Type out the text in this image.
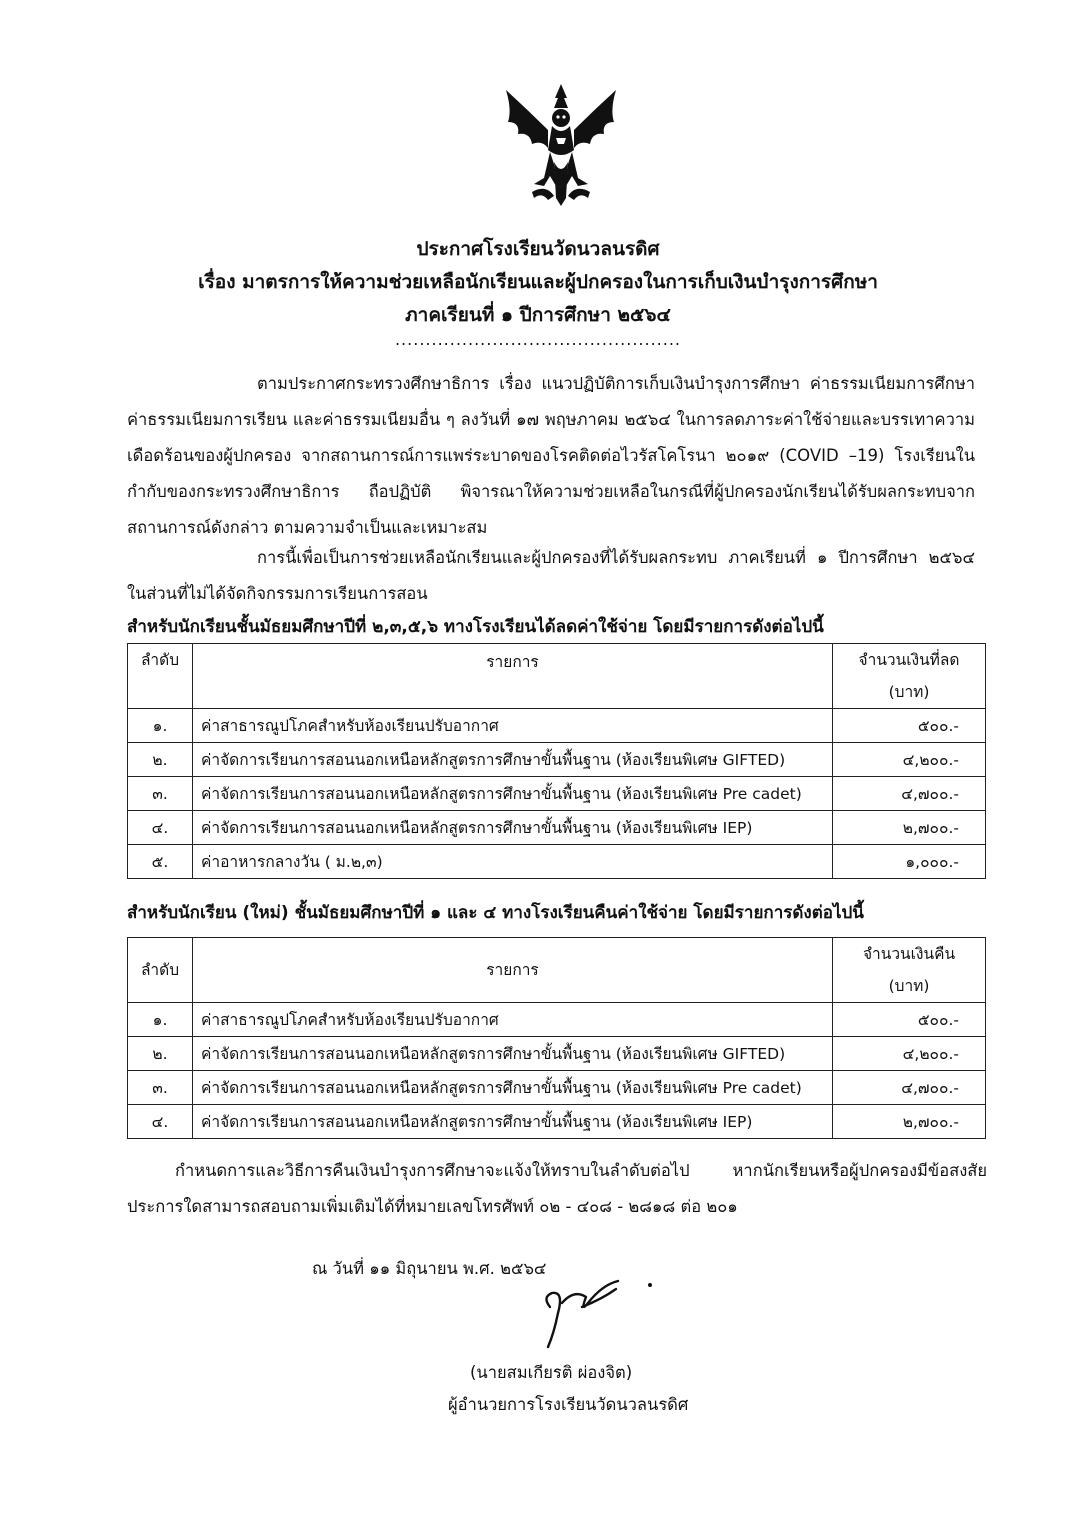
ประกาศโรงเรียนวัดนวลนรดิศ
เรื่อง มาตรการให้ความช่วยเหลือนักเรียนและผู้ปกครองในการเก็บเงินบำรุงการศึกษา
ภาคเรียนที่ ๑ ปีการศึกษา ๒๕๖๔
...............................................
ตามประกาศกระทรวงศึกษาธิการ เรื่อง แนวปฏิบัติการเก็บเงินบำรุงการศึกษา ค่าธรรมเนียมการศึกษา ค่าธรรมเนียมการเรียน และค่าธรรมเนียมอื่น ๆ ลงวันที่ ๑๗ พฤษภาคม ๒๕๖๔ ในการลดภาระค่าใช้จ่ายและบรรเทาความเดือดร้อนของผู้ปกครอง จากสถานการณ์การแพร่ระบาดของโรคติดต่อไวรัสโคโรนา ๒๐๑๙ (COVID –19) โรงเรียนในกำกับของกระทรวงศึกษาธิการ ถือปฏิบัติ พิจารณาให้ความช่วยเหลือในกรณีที่ผู้ปกครองนักเรียนได้รับผลกระทบจากสถานการณ์ดังกล่าว ตามความจำเป็นและเหมาะสม
การนี้เพื่อเป็นการช่วยเหลือนักเรียนและผู้ปกครองที่ได้รับผลกระทบ ภาคเรียนที่ ๑ ปีการศึกษา ๒๕๖๔ ในส่วนที่ไม่ได้จัดกิจกรรมการเรียนการสอน
สำหรับนักเรียนชั้นมัธยมศึกษาปีที่ ๒,๓,๕,๖ ทางโรงเรียนได้ลดค่าใช้จ่าย โดยมีรายการดังต่อไปนี้
ลำดับ	รายการ	จำนวนเงินที่ลด
(บาท)

๑.	ค่าสาธารณูปโภคสำหรับห้องเรียนปรับอากาศ	๕๐๐.-
๒.	ค่าจัดการเรียนการสอนนอกเหนือหลักสูตรการศึกษาขั้นพื้นฐาน (ห้องเรียนพิเศษ GIFTED)	๔,๒๐๐.-
๓.	ค่าจัดการเรียนการสอนนอกเหนือหลักสูตรการศึกษาขั้นพื้นฐาน (ห้องเรียนพิเศษ Pre cadet)	๔,๗๐๐.-
๔.	ค่าจัดการเรียนการสอนนอกเหนือหลักสูตรการศึกษาขั้นพื้นฐาน (ห้องเรียนพิเศษ IEP)	๒,๗๐๐.-
๕.	ค่าอาหารกลางวัน ( ม.๒,๓)	๑,๐๐๐.-
สำหรับนักเรียน (ใหม่) ชั้นมัธยมศึกษาปีที่ ๑ และ ๔ ทางโรงเรียนคืนค่าใช้จ่าย โดยมีรายการดังต่อไปนี้
ลำดับ	รายการ	จำนวนเงินคืน
(บาท)

๑.	ค่าสาธารณูปโภคสำหรับห้องเรียนปรับอากาศ	๕๐๐.-
๒.	ค่าจัดการเรียนการสอนนอกเหนือหลักสูตรการศึกษาขั้นพื้นฐาน (ห้องเรียนพิเศษ GIFTED)	๔,๒๐๐.-
๓.	ค่าจัดการเรียนการสอนนอกเหนือหลักสูตรการศึกษาขั้นพื้นฐาน (ห้องเรียนพิเศษ Pre cadet)	๔,๗๐๐.-
๔.	ค่าจัดการเรียนการสอนนอกเหนือหลักสูตรการศึกษาขั้นพื้นฐาน (ห้องเรียนพิเศษ IEP)	๒,๗๐๐.-
กำหนดการและวิธีการคืนเงินบำรุงการศึกษาจะแจ้งให้ทราบในลำดับต่อไป หากนักเรียนหรือผู้ปกครองมีข้อสงสัยประการใดสามารถสอบถามเพิ่มเติมได้ที่หมายเลขโทรศัพท์ ๐๒ - ๔๐๘ - ๒๘๑๘ ต่อ ๒๐๑
ณ วันที่ ๑๑ มิถุนายน พ.ศ. ๒๕๖๔
(นายสมเกียรติ ผ่องจิต)
ผู้อำนวยการโรงเรียนวัดนวลนรดิศ
